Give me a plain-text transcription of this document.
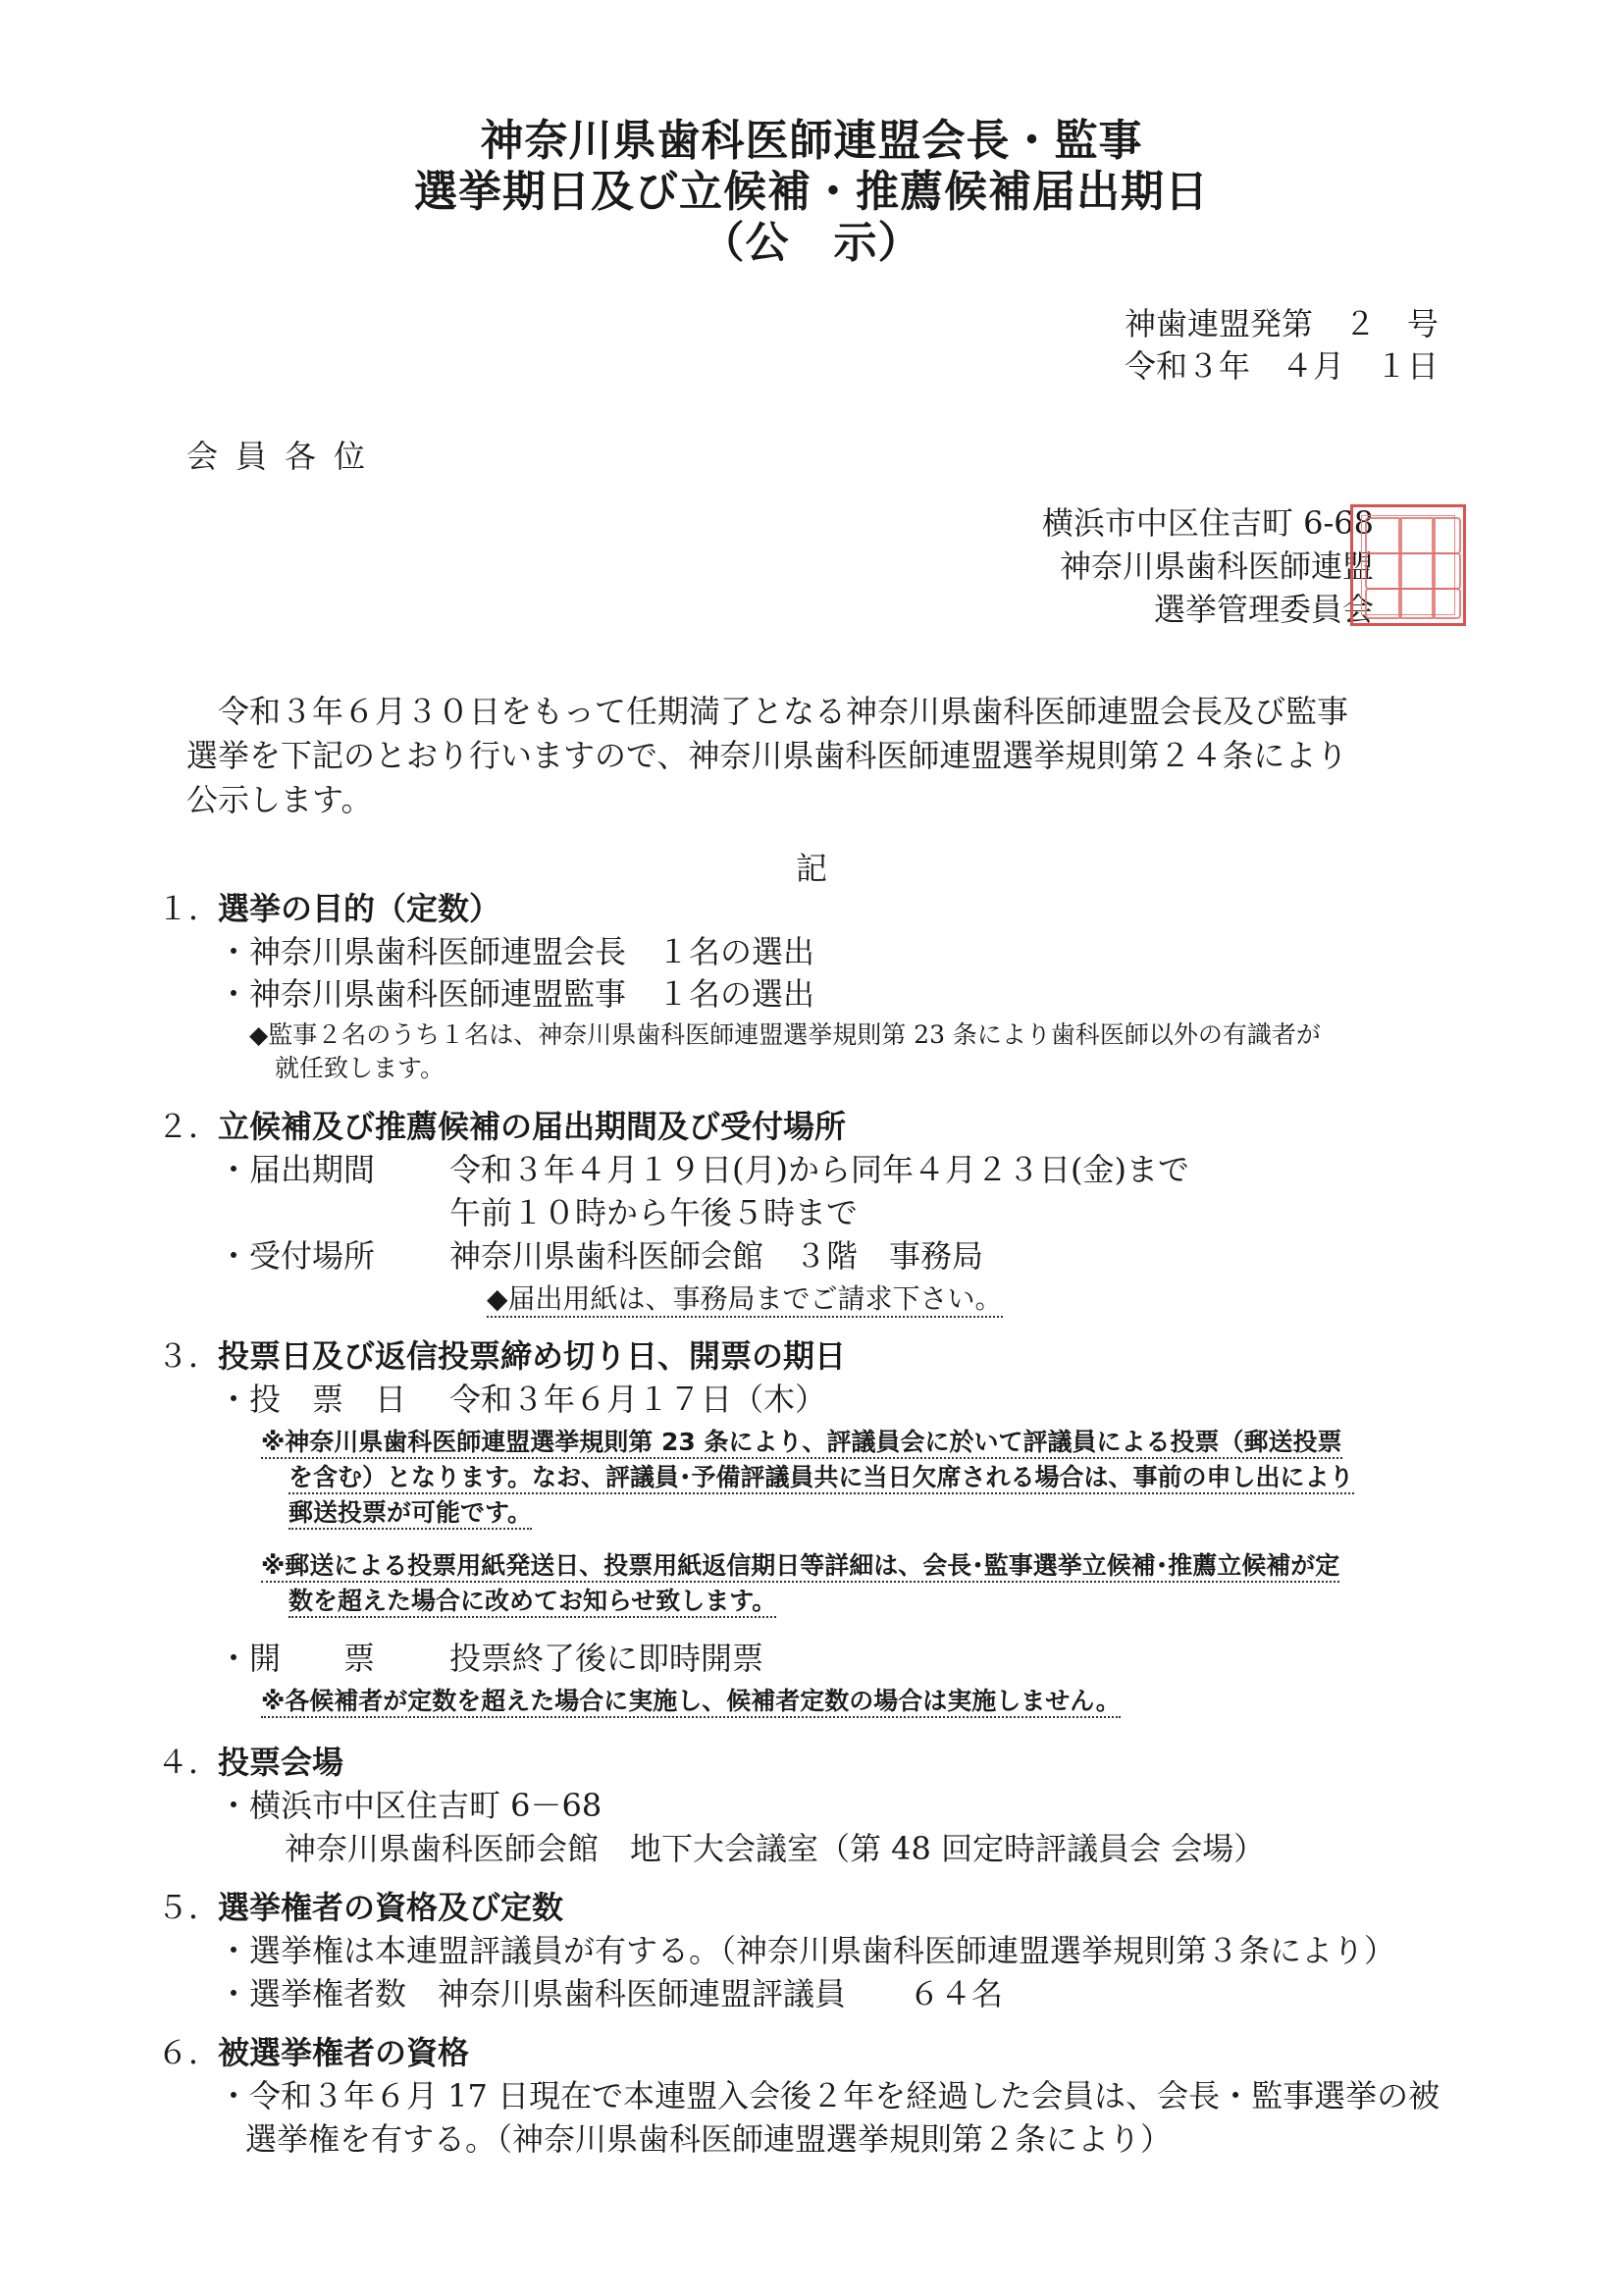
神奈川県歯科医師連盟会長・監事
選挙期日及び立候補・推薦候補届出期日
（公　示）
神歯連盟発第　２　号
令和３年　４月　１日
会員各位
横浜市中区住吉町 6-68
神奈川県歯科医師連盟
選挙管理委員会
令和３年６月３０日をもって任期満了となる神奈川県歯科医師連盟会長及び監事
選挙を下記のとおり行いますので、神奈川県歯科医師連盟選挙規則第２４条により
公示します。
記
１．選挙の目的（定数）
・神奈川県歯科医師連盟会長　１名の選出
・神奈川県歯科医師連盟監事　１名の選出
◆監事２名のうち１名は、神奈川県歯科医師連盟選挙規則第 23 条により歯科医師以外の有識者が
就任致します。
２．立候補及び推薦候補の届出期間及び受付場所
・届出期間 令和３年４月１９日(月)から同年４月２３日(金)まで
午前１０時から午後５時まで
・受付場所 神奈川県歯科医師会館　３階　事務局
◆届出用紙は、事務局までご請求下さい。
３．投票日及び返信投票締め切り日、開票の期日
・投　票　日 令和３年６月１７日（木）
※神奈川県歯科医師連盟選挙規則第 23 条により、評議員会に於いて評議員による投票（郵送投票
を含む）となります。なお、評議員･予備評議員共に当日欠席される場合は、事前の申し出により
郵送投票が可能です。
※郵送による投票用紙発送日、投票用紙返信期日等詳細は、会長･監事選挙立候補･推薦立候補が定
数を超えた場合に改めてお知らせ致します。
・開　　票 投票終了後に即時開票
※各候補者が定数を超えた場合に実施し、候補者定数の場合は実施しません。
４．投票会場
・横浜市中区住吉町 6－68
神奈川県歯科医師会館　地下大会議室（第 48 回定時評議員会 会場）
５．選挙権者の資格及び定数
・選挙権は本連盟評議員が有する。（神奈川県歯科医師連盟選挙規則第３条により）
・選挙権者数　神奈川県歯科医師連盟評議員　　６４名
６．被選挙権者の資格
・令和３年６月 17 日現在で本連盟入会後２年を経過した会員は、会長・監事選挙の被
選挙権を有する。（神奈川県歯科医師連盟選挙規則第２条により）
